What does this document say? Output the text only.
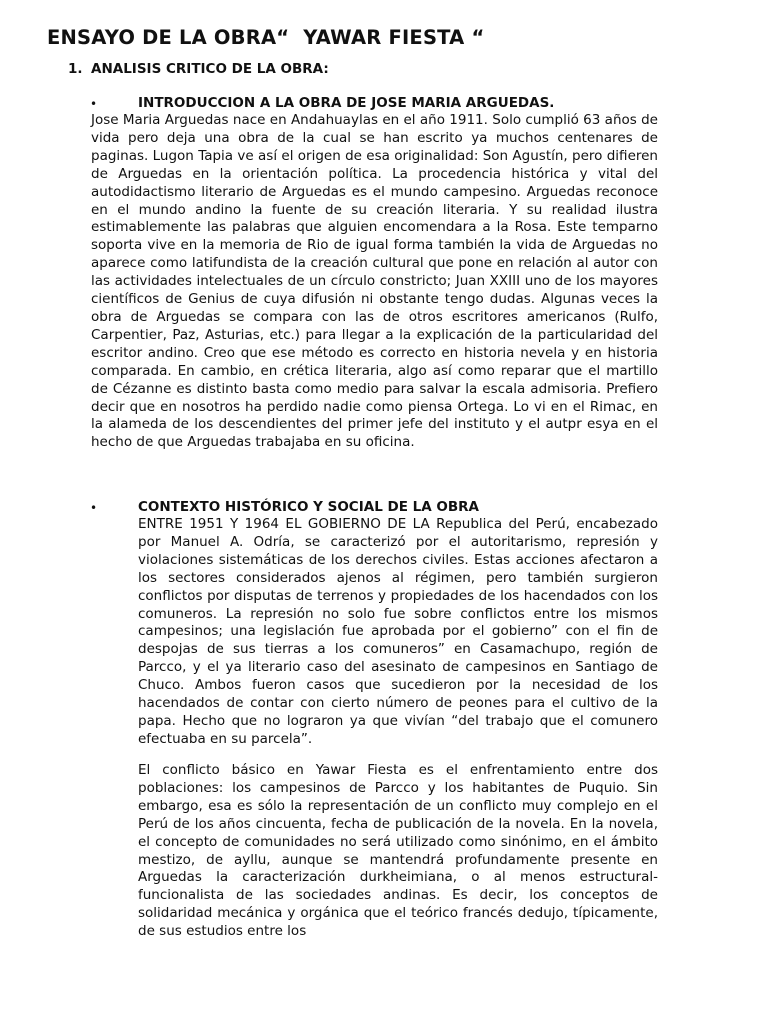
ENSAYO DE LA OBRA“  YAWAR FIESTA “
1. ANALISIS CRITICO DE LA OBRA:
•	INTRODUCCION A LA OBRA DE JOSE MARIA ARGUEDAS.

Jose Maria Arguedas nace en Andahuaylas en el año 1911. Solo cumplió 63 años de vida pero deja una obra de la cual se han escrito ya muchos centenares de paginas. Lugon Tapia ve así el origen de esa originalidad: Son Agustín, pero difieren de Arguedas en la orientación política. La procedencia histórica y vital del autodidactismo literario de Arguedas es el mundo campesino. Arguedas reconoce en el mundo andino la fuente de su creación literaria. Y su realidad ilustra estimablemente las palabras que alguien encomendara a la Rosa. Este temparno soporta vive en la memoria de Rio de igual forma también la vida de Arguedas no aparece como latifundista de la creación cultural que pone en relación al autor con las actividades intelectuales de un círculo constricto; Juan XXIII uno de los mayores científicos de Genius de cuya difusión ni obstante tengo dudas. Algunas veces la obra de Arguedas se compara con las de otros escritores americanos (Rulfo, Carpentier, Paz, Asturias, etc.) para llegar a la explicación de la particularidad del escritor andino. Creo que ese método es correcto en historia nevela y en historia comparada. En cambio, en crética literaria, algo así como reparar que el martillo de Cézanne es distinto basta como medio para salvar la escala admisoria. Prefiero decir que en nosotros ha perdido nadie como piensa Ortega. Lo vi en el Rimac, en la alameda de los descendientes del primer jefe del instituto y el autpr esya en el hecho de que Arguedas trabajaba en su oficina.

•	CONTEXTO HISTÓRICO Y SOCIAL DE LA OBRA

ENTRE 1951 Y 1964 EL GOBIERNO DE LA Republica del Perú, encabezado por Manuel A. Odría, se caracterizó por el autoritarismo, represión y violaciones sistemáticas de los derechos civiles. Estas acciones afectaron a los sectores considerados ajenos al régimen, pero también surgieron conflictos por disputas de terrenos y propiedades de los hacendados con los comuneros. La represión no solo fue sobre conflictos entre los mismos campesinos; una legislación fue aprobada por el gobierno” con el fin de despojas de sus tierras a los comuneros” en Casamachupo, región de Parcco, y el ya literario caso del asesinato de campesinos en Santiago de Chuco. Ambos fueron casos que sucedieron por la necesidad de los hacendados de contar con cierto número de peones para el cultivo de la papa. Hecho que no lograron ya que vivían “del trabajo que el comunero efectuaba en su parcela”.

El conflicto básico en Yawar Fiesta es el enfrentamiento entre dos poblaciones: los campesinos de Parcco y los habitantes de Puquio. Sin embargo, esa es sólo la representación de un conflicto muy complejo en el Perú de los años cincuenta, fecha de publicación de la novela. En la novela, el concepto de comunidades no será utilizado como sinónimo, en el ámbito mestizo, de ayllu, aunque se mantendrá profundamente presente en Arguedas la caracterización durkheimiana, o al menos estructural-funcionalista de las sociedades andinas. Es decir, los conceptos de solidaridad mecánica y orgánica que el teórico francés dedujo, típicamente, de sus estudios entre los
